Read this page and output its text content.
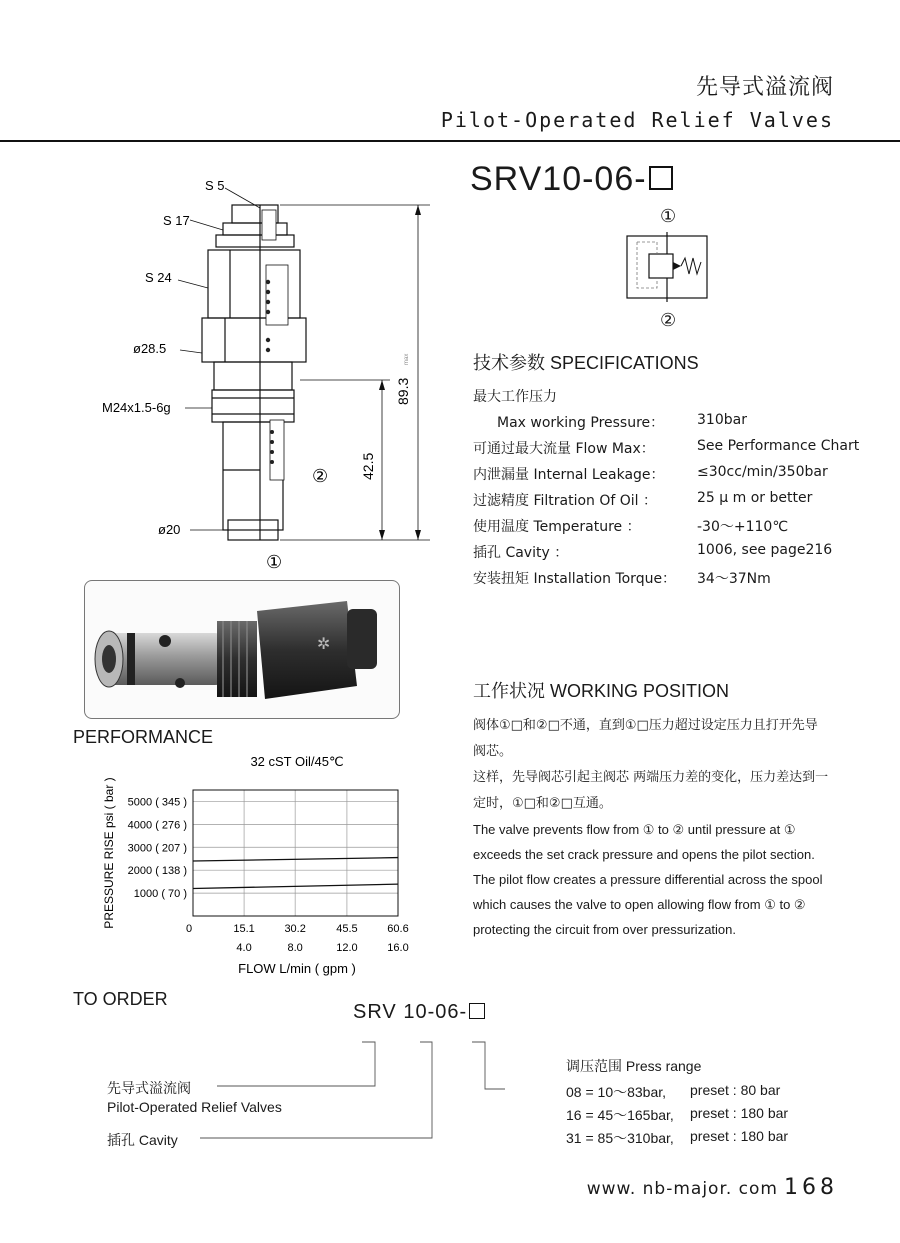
先导式溢流阀
Pilot-Operated Relief Valves
SRV10-06-
S 5
S 17
S 24
ø28.5
M24x1.5-6g
ø20
89.3
max
42.5
②
①
①
②
技术参数 SPECIFICATIONS
最大工作压力
Max working Pressure： 310bar
可通过最大流量 Flow Max：	See Performance Chart
内泄漏量 Internal Leakage： ≤30cc/min/350bar
过滤精度 Filtration Of Oil ：	25 μ m or better
使用温度 Temperature ：	-30～+110℃
插孔 Cavity ：	1006, see page216
安装扭矩 Installation Torque： 34～37Nm
✲
工作状况 WORKING POSITION
阀体①□和②□不通，直到①□压力超过设定压力且打开先导
阀芯。
这样，先导阀芯引起主阀芯 两端压力差的变化，压力差达到一
定时，①□和②□互通。
The valve prevents flow from ① to ② until pressure at ①
exceeds the set crack pressure and opens the pilot section.
The pilot flow creates a pressure differential across the spool
which causes the valve to open allowing flow from ① to ②
protecting the circuit from over pressurization.
PERFORMANCE
32 cST Oil/45℃
1000 ( 70 )
2000 ( 138 )
3000 ( 207 )
4000 ( 276 )
5000 ( 345 )
15.1
4.0
30.2
8.0
45.5
12.0
60.6
16.0
0
PRESSURE RISE psi ( bar )
FLOW L/min ( gpm )
TO ORDER
SRV 10-06-
调压范围 Press range
08 = 10～83bar, preset : 80 bar
16 = 45～165bar, preset : 180 bar
31 = 85～310bar, preset : 180 bar
先导式溢流阀
Pilot-Operated Relief Valves
插孔 Cavity
www. nb-major. com 168
